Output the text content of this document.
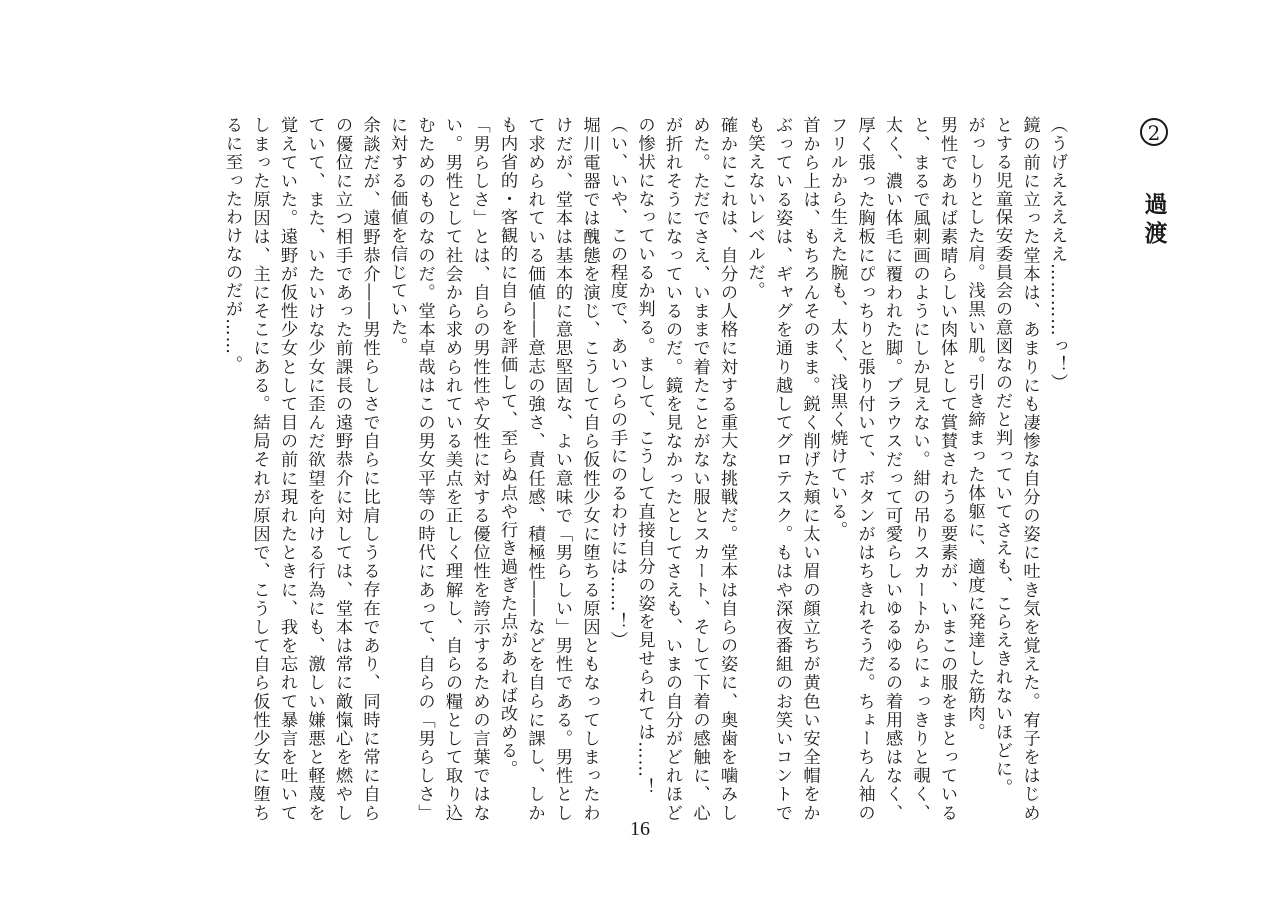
2
過渡

（うげえええええ…………っ！）

鏡の前に立った堂本は、あまりにも凄惨な自分の姿に吐き気を覚えた。宥子をはじめとする児童保安委員会の意図なのだと判っていてさえも、こらえきれないほどに。

がっしりとした肩。浅黒い肌。引き締まった体躯に、適度に発達した筋肉。

男性であれば素晴らしい肉体として賞賛されうる要素が、いまこの服をまとっていると、まるで風刺画のようにしか見えない。紺の吊りスカートからにょっきりと覗く、太く、濃い体毛に覆われた脚。ブラウスだって可愛らしいゆるゆるの着用感はなく、厚く張った胸板にぴっちりと張り付いて、ボタンがはちきれそうだ。ちょーちん袖のフリルから生えた腕も、太く、浅黒く焼けている。

首から上は、もちろんそのまま。鋭く削げた頬に太い眉の顔立ちが黄色い安全帽をかぶっている姿は、ギャグを通り越してグロテスク。もはや深夜番組のお笑いコントでも笑えないレベルだ。

確かにこれは、自分の人格に対する重大な挑戦だ。堂本は自らの姿に、奥歯を噛みしめた。ただでさえ、いままで着たことがない服とスカート、そして下着の感触に、心が折れそうになっているのだ。鏡を見なかったとしてさえも、いまの自分がどれほどの惨状になっているか判る。まして、こうして直接自分の姿を見せられては……！

（い、いや、この程度で、あいつらの手にのるわけには……！）

堀川電器では醜態を演じ、こうして自ら仮性少女に堕ちる原因ともなってしまったわけだが、堂本は基本的に意思堅固な、よい意味で「男らしい」男性である。男性として求められている価値――意志の強さ、責任感、積極性――などを自らに課し、しかも内省的・客観的に自らを評価して、至らぬ点や行き過ぎた点があれば改める。

「男らしさ」とは、自らの男性性や女性に対する優位性を誇示するための言葉ではない。男性として社会から求められている美点を正しく理解し、自らの糧として取り込むためのものなのだ。堂本卓哉はこの男女平等の時代にあって、自らの「男らしさ」に対する価値を信じていた。

余談だが、遠野恭介――男性らしさで自らに比肩しうる存在であり、同時に常に自らの優位に立つ相手であった前課長の遠野恭介に対しては、堂本は常に敵愾心を燃やしていて、また、いたいけな少女に歪んだ欲望を向ける行為にも、激しい嫌悪と軽蔑を覚えていた。遠野が仮性少女として目の前に現れたときに、我を忘れて暴言を吐いてしまった原因は、主にそこにある。結局それが原因で、こうして自ら仮性少女に堕ちるに至ったわけなのだが……。

16
